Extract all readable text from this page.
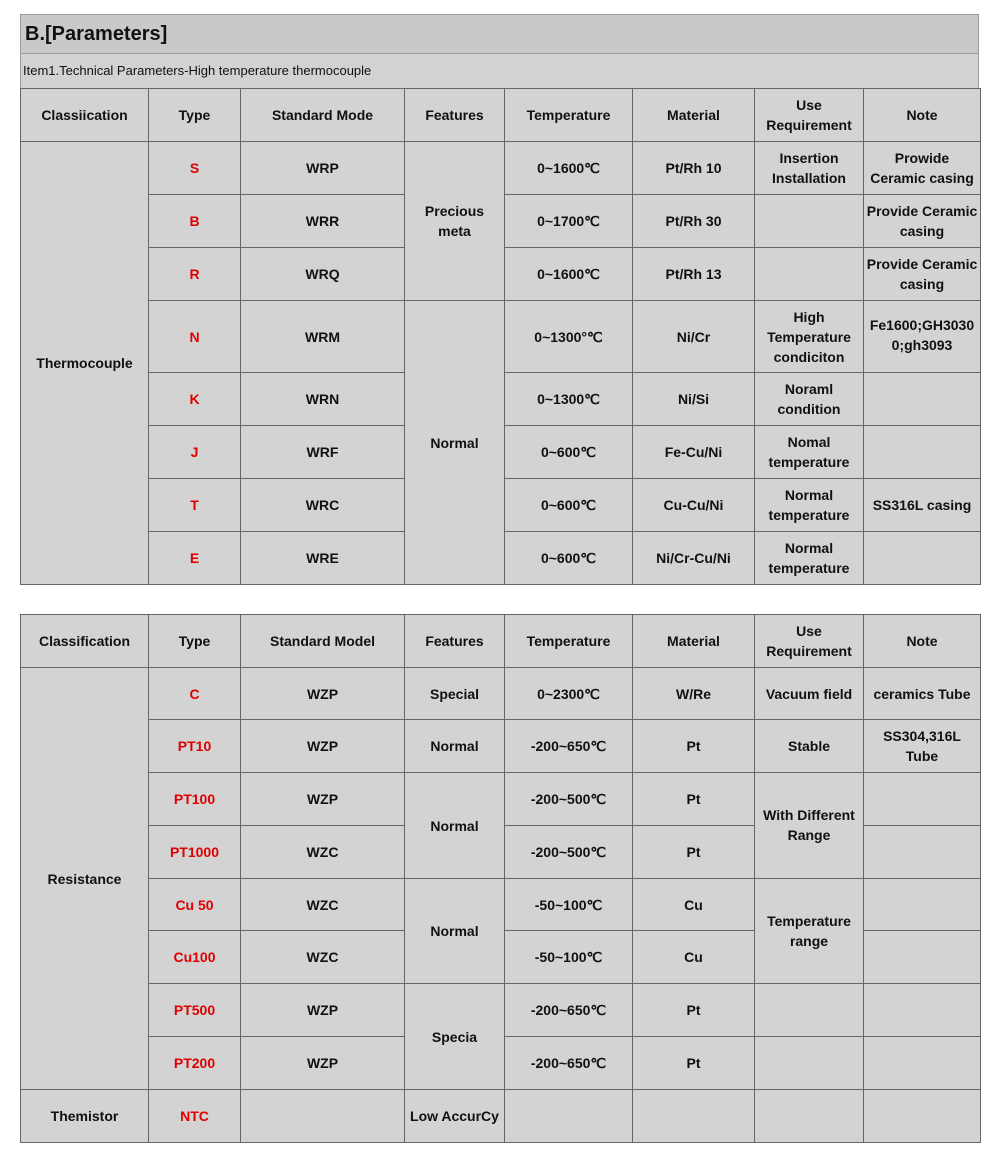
B.[Parameters]
Item1.Technical Parameters-High temperature thermocouple
Classiication	Type	Standard Mode	Features	Temperature	Material	Use Requirement	Note
Thermocouple	S	WRP	Precious meta	0~1600℃	Pt/Rh 10	Insertion Installation	Prowide Ceramic casing
	B	WRR		0~1700℃	Pt/Rh 30		Provide Ceramic casing
	R	WRQ		0~1600℃	Pt/Rh 13		Provide Ceramic casing
	N	WRM	Normal	0~1300°℃	Ni/Cr	High Temperature condiciton	Fe1600;GH3030 0;gh3093
	K	WRN		0~1300℃	Ni/Si	Noraml condition	
	J	WRF		0~600℃	Fe-Cu/Ni	Nomal temperature	
	T	WRC		0~600℃	Cu-Cu/Ni	Normal temperature	SS316L casing
	E	WRE		0~600℃	Ni/Cr-Cu/Ni	Normal temperature	
Classification	Type	Standard Model	Features	Temperature	Material	Use Requirement	Note
Resistance	C	WZP	Special	0~2300℃	W/Re	Vacuum field	ceramics Tube
	PT10	WZP	Normal	-200~650℃	Pt	Stable	SS304,316L Tube
	PT100	WZP	Normal	-200~500℃	Pt	With Different Range	
	PT1000	WZC		-200~500℃	Pt		
	Cu 50	WZC	Normal	-50~100℃	Cu	Temperature range	
	Cu100	WZC		-50~100℃	Cu		
	PT500	WZP	Specia	-200~650℃	Pt		
	PT200	WZP		-200~650℃	Pt		
Themistor	NTC		Low AccurCy				
